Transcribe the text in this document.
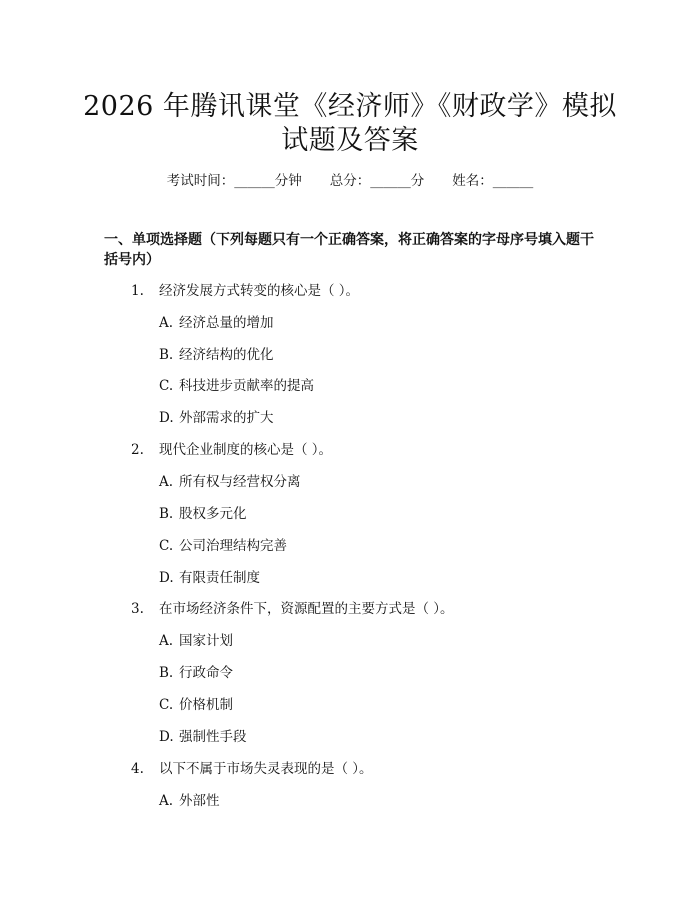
2026 年腾讯课堂《经济师》《财政学》模拟
试题及答案
考试时间：______分钟 总分：______分 姓名：______
一、单项选择题（下列每题只有一个正确答案，将正确答案的字母序号填入题干
括号内）
1. 经济发展方式转变的核心是（ ）。
A. 经济总量的增加
B. 经济结构的优化
C. 科技进步贡献率的提高
D. 外部需求的扩大
2. 现代企业制度的核心是（ ）。
A. 所有权与经营权分离
B. 股权多元化
C. 公司治理结构完善
D. 有限责任制度
3. 在市场经济条件下，资源配置的主要方式是（ ）。
A. 国家计划
B. 行政命令
C. 价格机制
D. 强制性手段
4. 以下不属于市场失灵表现的是（ ）。
A. 外部性
